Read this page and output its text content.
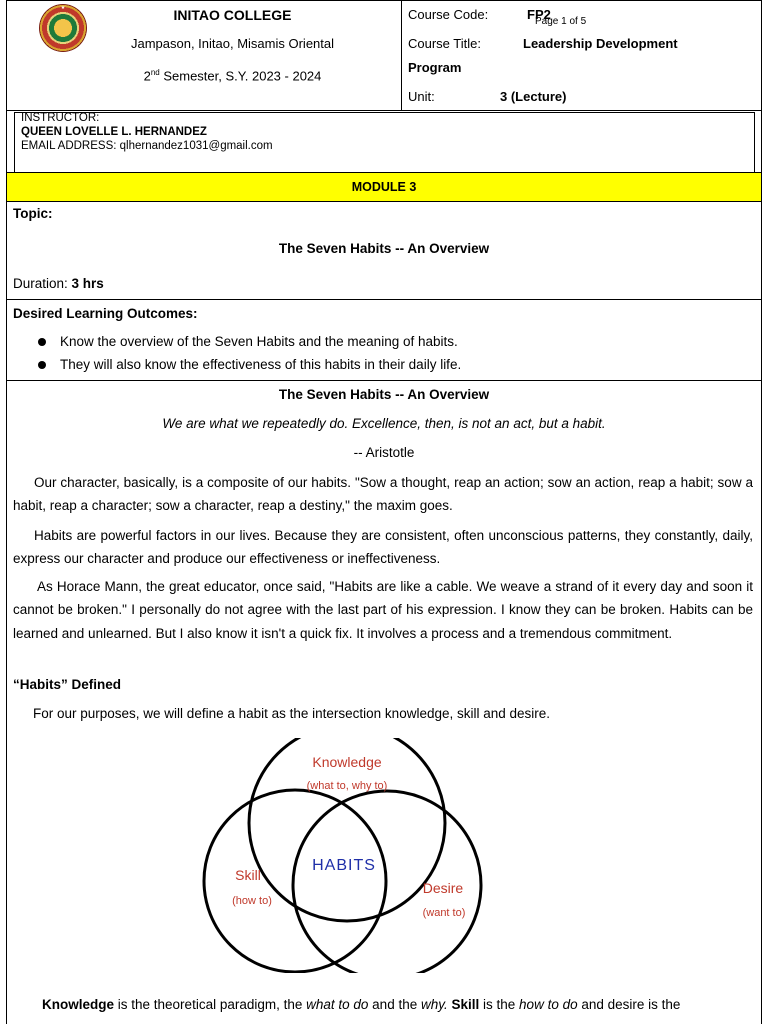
★	INITAO COLLEGE
Jampason, Initao, Misamis Oriental
2nd Semester, S.Y. 2023 - 2024
Course Code:	FP2
Page 1 of 5
Course Title:	Leadership Development
Program
Unit:	3 (Lecture)
INSTRUCTOR:
QUEEN LOVELLE L. HERNANDEZ
EMAIL ADDRESS: qlhernandez1031@gmail.com
MODULE 3
Topic:
The Seven Habits -- An Overview
Duration: 3 hrs
Desired Learning Outcomes:
Know the overview of the Seven Habits and the meaning of habits.
They will also know the effectiveness of this habits in their daily life.
The Seven Habits -- An Overview
We are what we repeatedly do. Excellence, then, is not an act, but a habit.
-- Aristotle
Our character, basically, is a composite of our habits. "Sow a thought, reap an action; sow an action, reap a habit; sow a habit, reap a character; sow a character, reap a destiny," the maxim goes.
Habits are powerful factors in our lives. Because they are consistent, often unconscious patterns, they constantly, daily, express our character and produce our effectiveness or ineffectiveness.
As Horace Mann, the great educator, once said, "Habits are like a cable. We weave a strand of it every day and soon it cannot be broken." I personally do not agree with the last part of his expression. I know they can be broken. Habits can be learned and unlearned. But I also know it isn't a quick fix. It involves a process and a tremendous commitment.
“Habits” Defined
For our purposes, we will define a habit as the intersection knowledge, skill and desire.
Knowledge
(what to, why to)
Skill
(how to)
Desire
(want to)
HABITS
Knowledge is the theoretical paradigm, the what to do and the why. Skill is the how to do and desire is the
